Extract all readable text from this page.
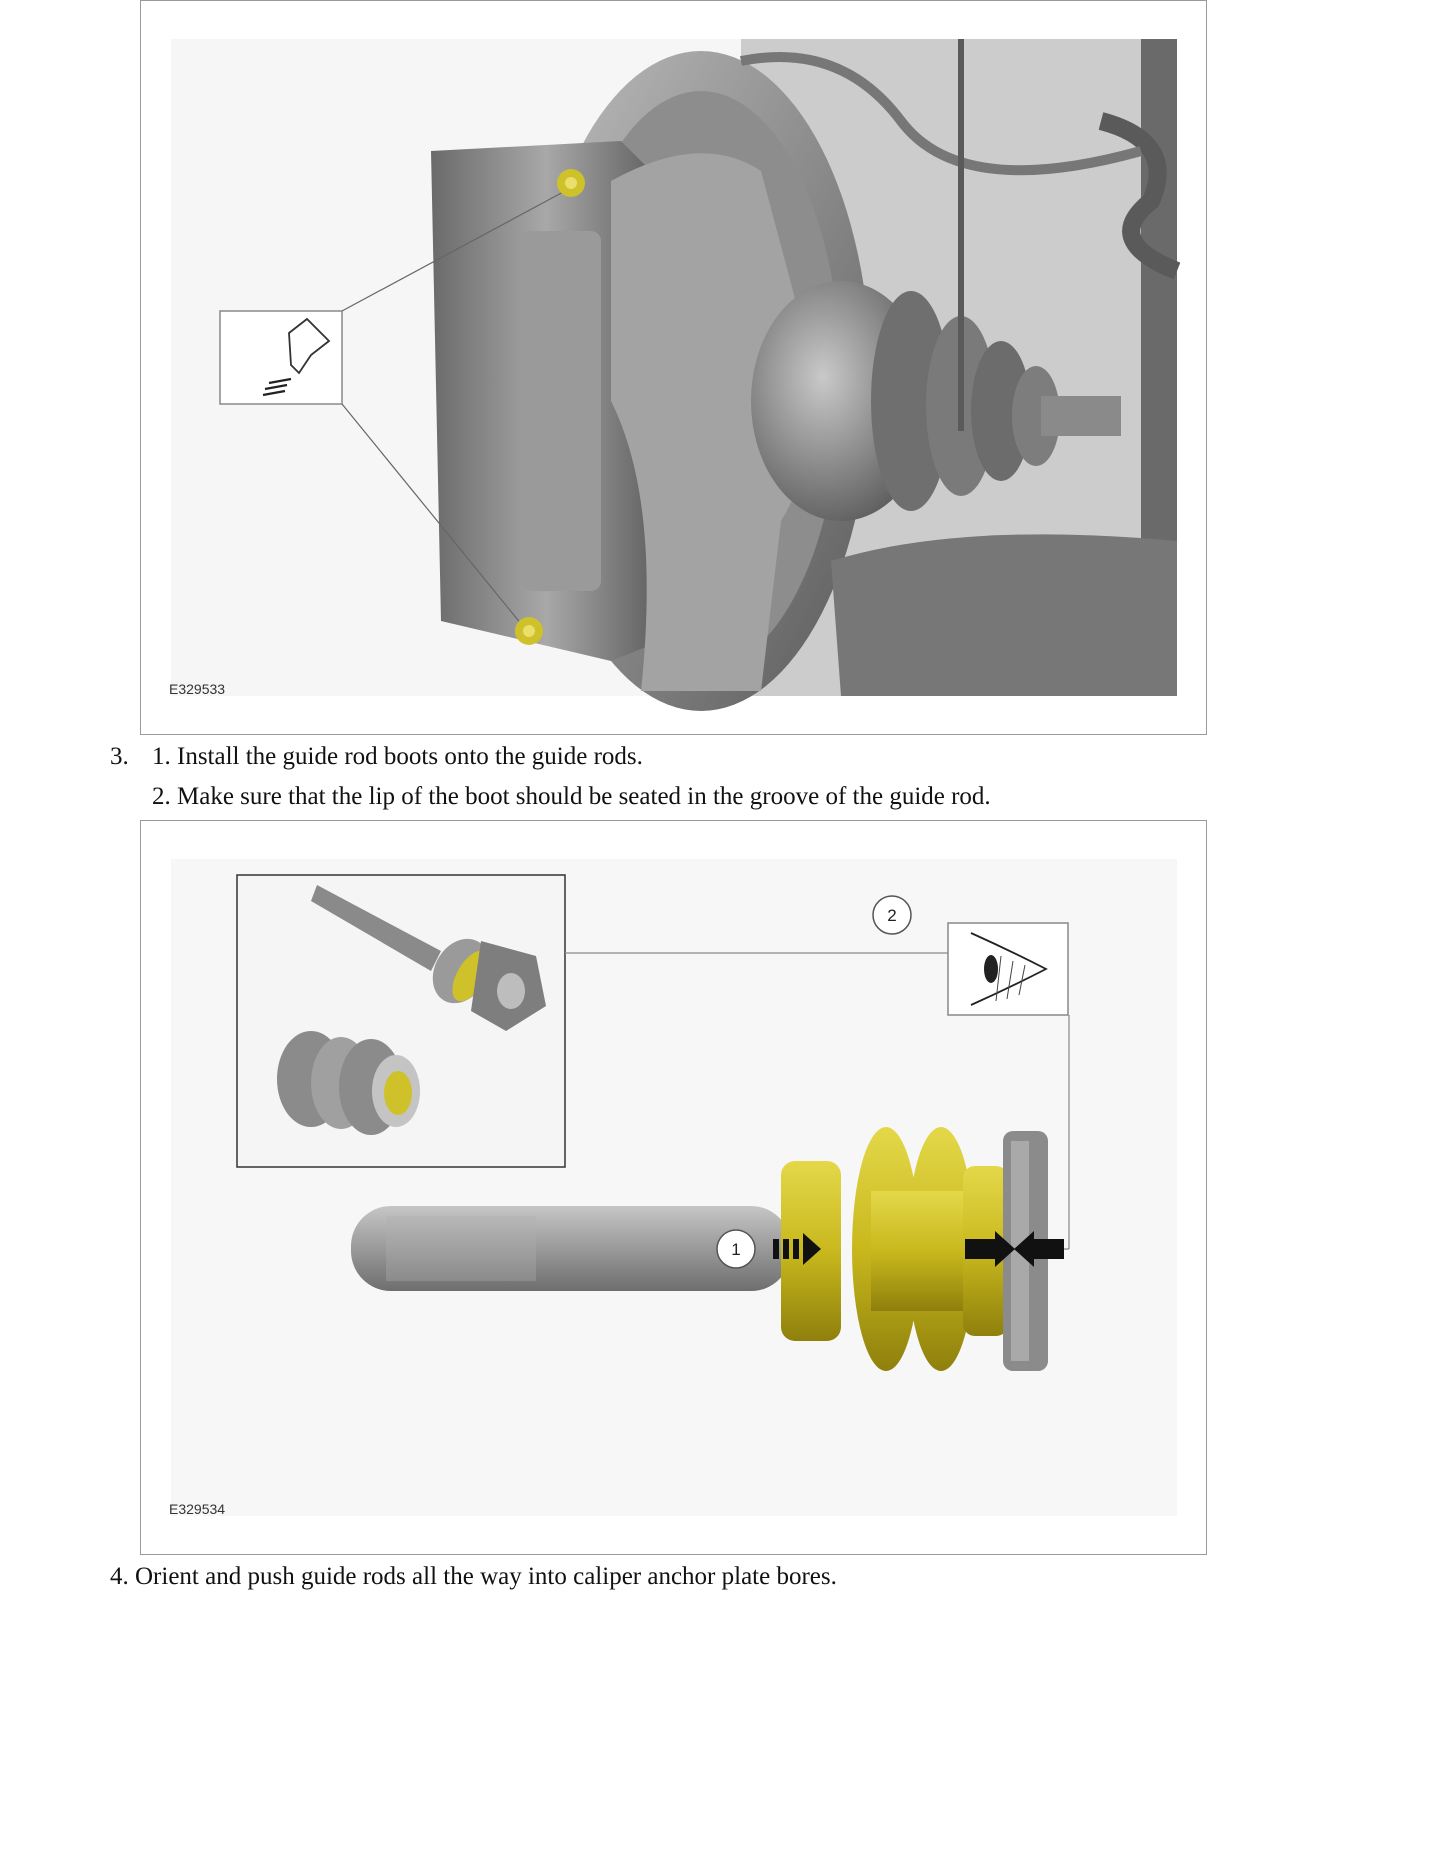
E329533
3. 1. Install the guide rod boots onto the guide rods.
2. Make sure that the lip of the boot should be seated in the groove of the guide rod.
2
1
E329534
4. Orient and push guide rods all the way into caliper anchor plate bores.
